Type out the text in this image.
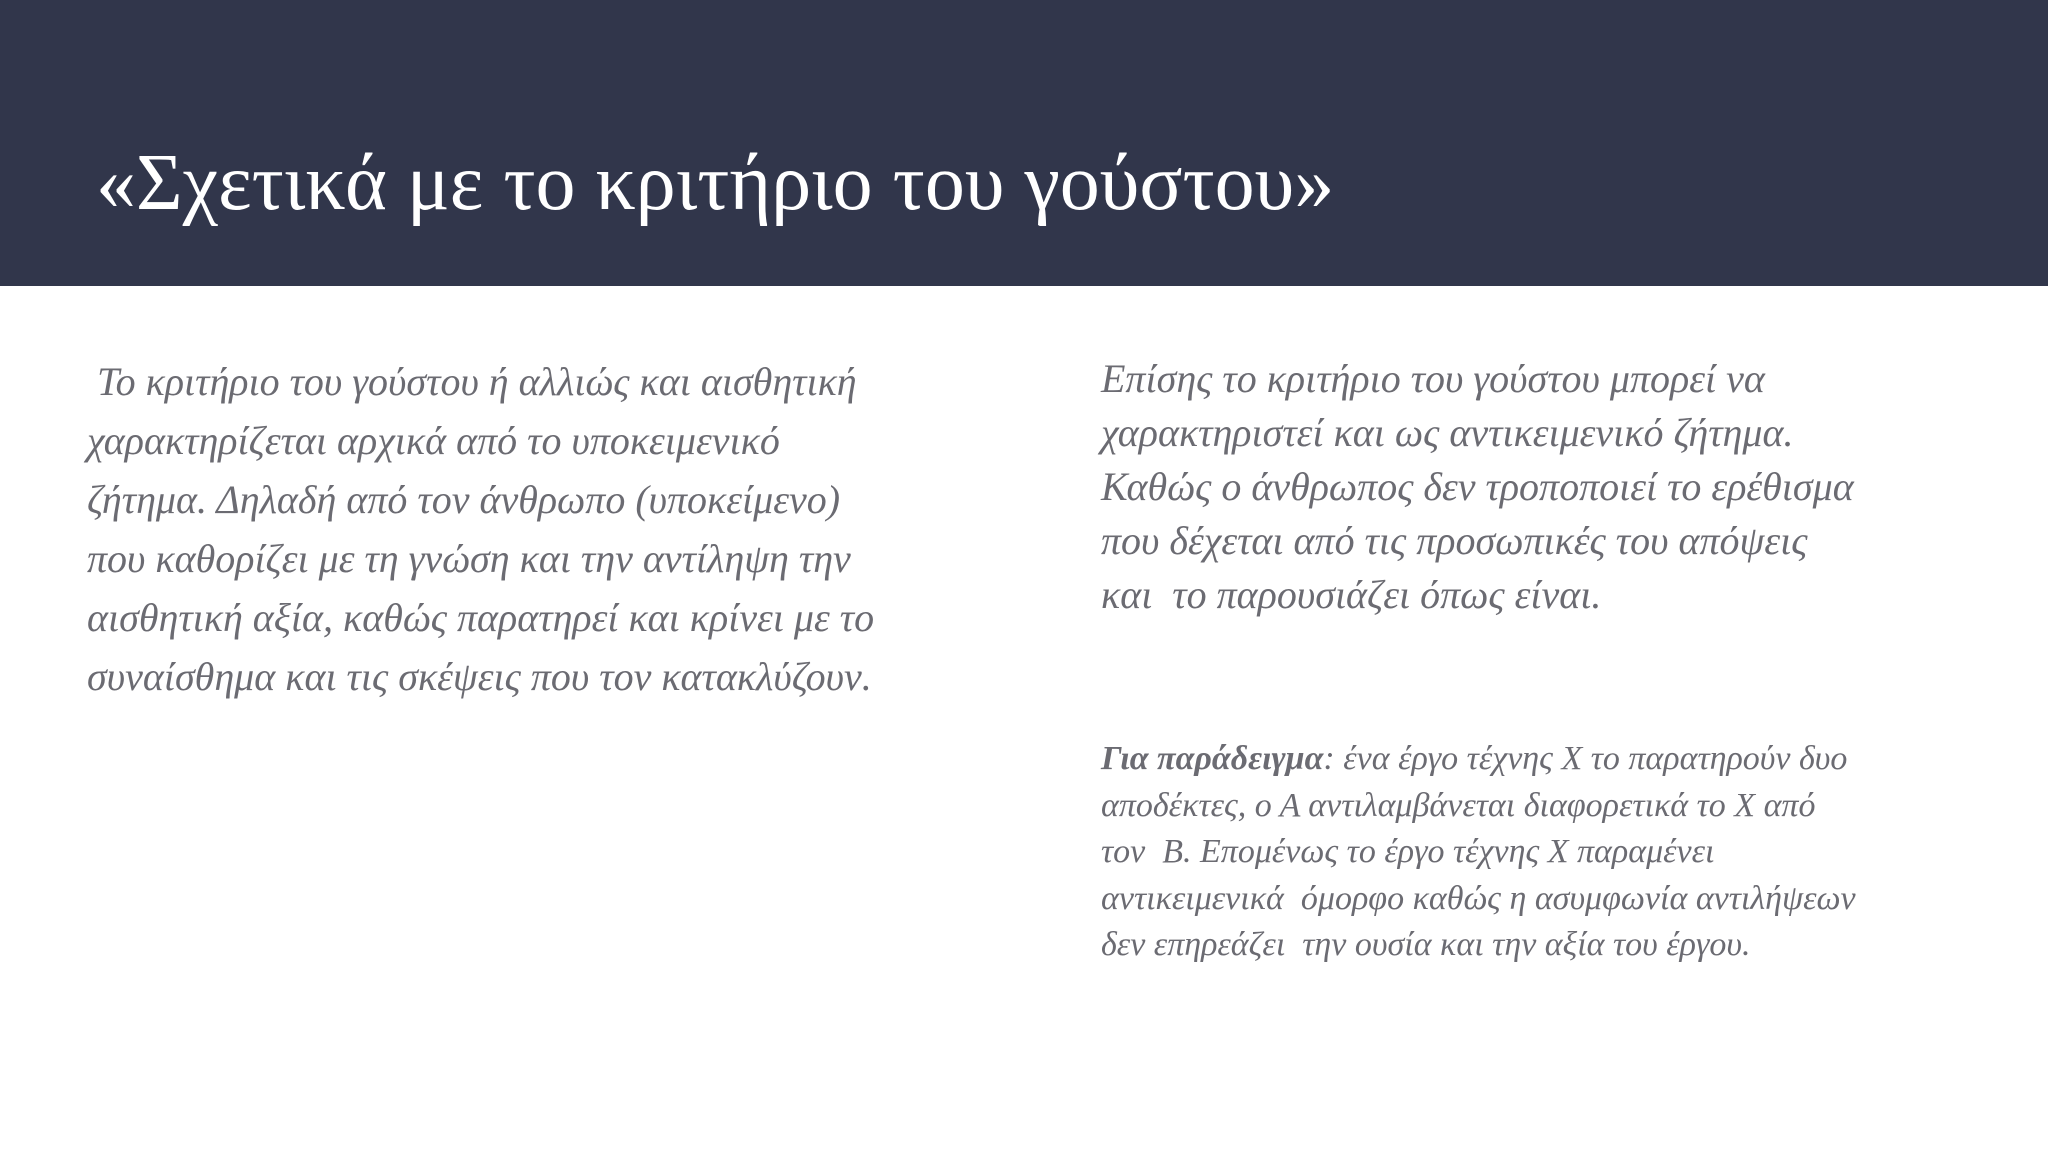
«Σχετικά με το κριτήριο του γούστου»
Το κριτήριο του γούστου ή αλλιώς και αισθητική
χαρακτηρίζεται αρχικά από το υποκειμενικό
ζήτημα. Δηλαδή από τον άνθρωπο (υποκείμενο)
που καθορίζει με τη γνώση και την αντίληψη την
αισθητική αξία, καθώς παρατηρεί και κρίνει με το
συναίσθημα και τις σκέψεις που τον κατακλύζουν.
Επίσης το κριτήριο του γούστου μπορεί να
χαρακτηριστεί και ως αντικειμενικό ζήτημα.
Καθώς ο άνθρωπος δεν τροποποιεί το ερέθισμα
που δέχεται από τις προσωπικές του απόψεις
και  το παρουσιάζει όπως είναι.
Για παράδειγμα: ένα έργο τέχνης Χ το παρατηρούν δυο
αποδέκτες, ο Α αντιλαμβάνεται διαφορετικά το Χ από
τον  Β. Επομένως το έργο τέχνης Χ παραμένει
αντικειμενικά  όμορφο καθώς η ασυμφωνία αντιλήψεων
δεν επηρεάζει  την ουσία και την αξία του έργου.
